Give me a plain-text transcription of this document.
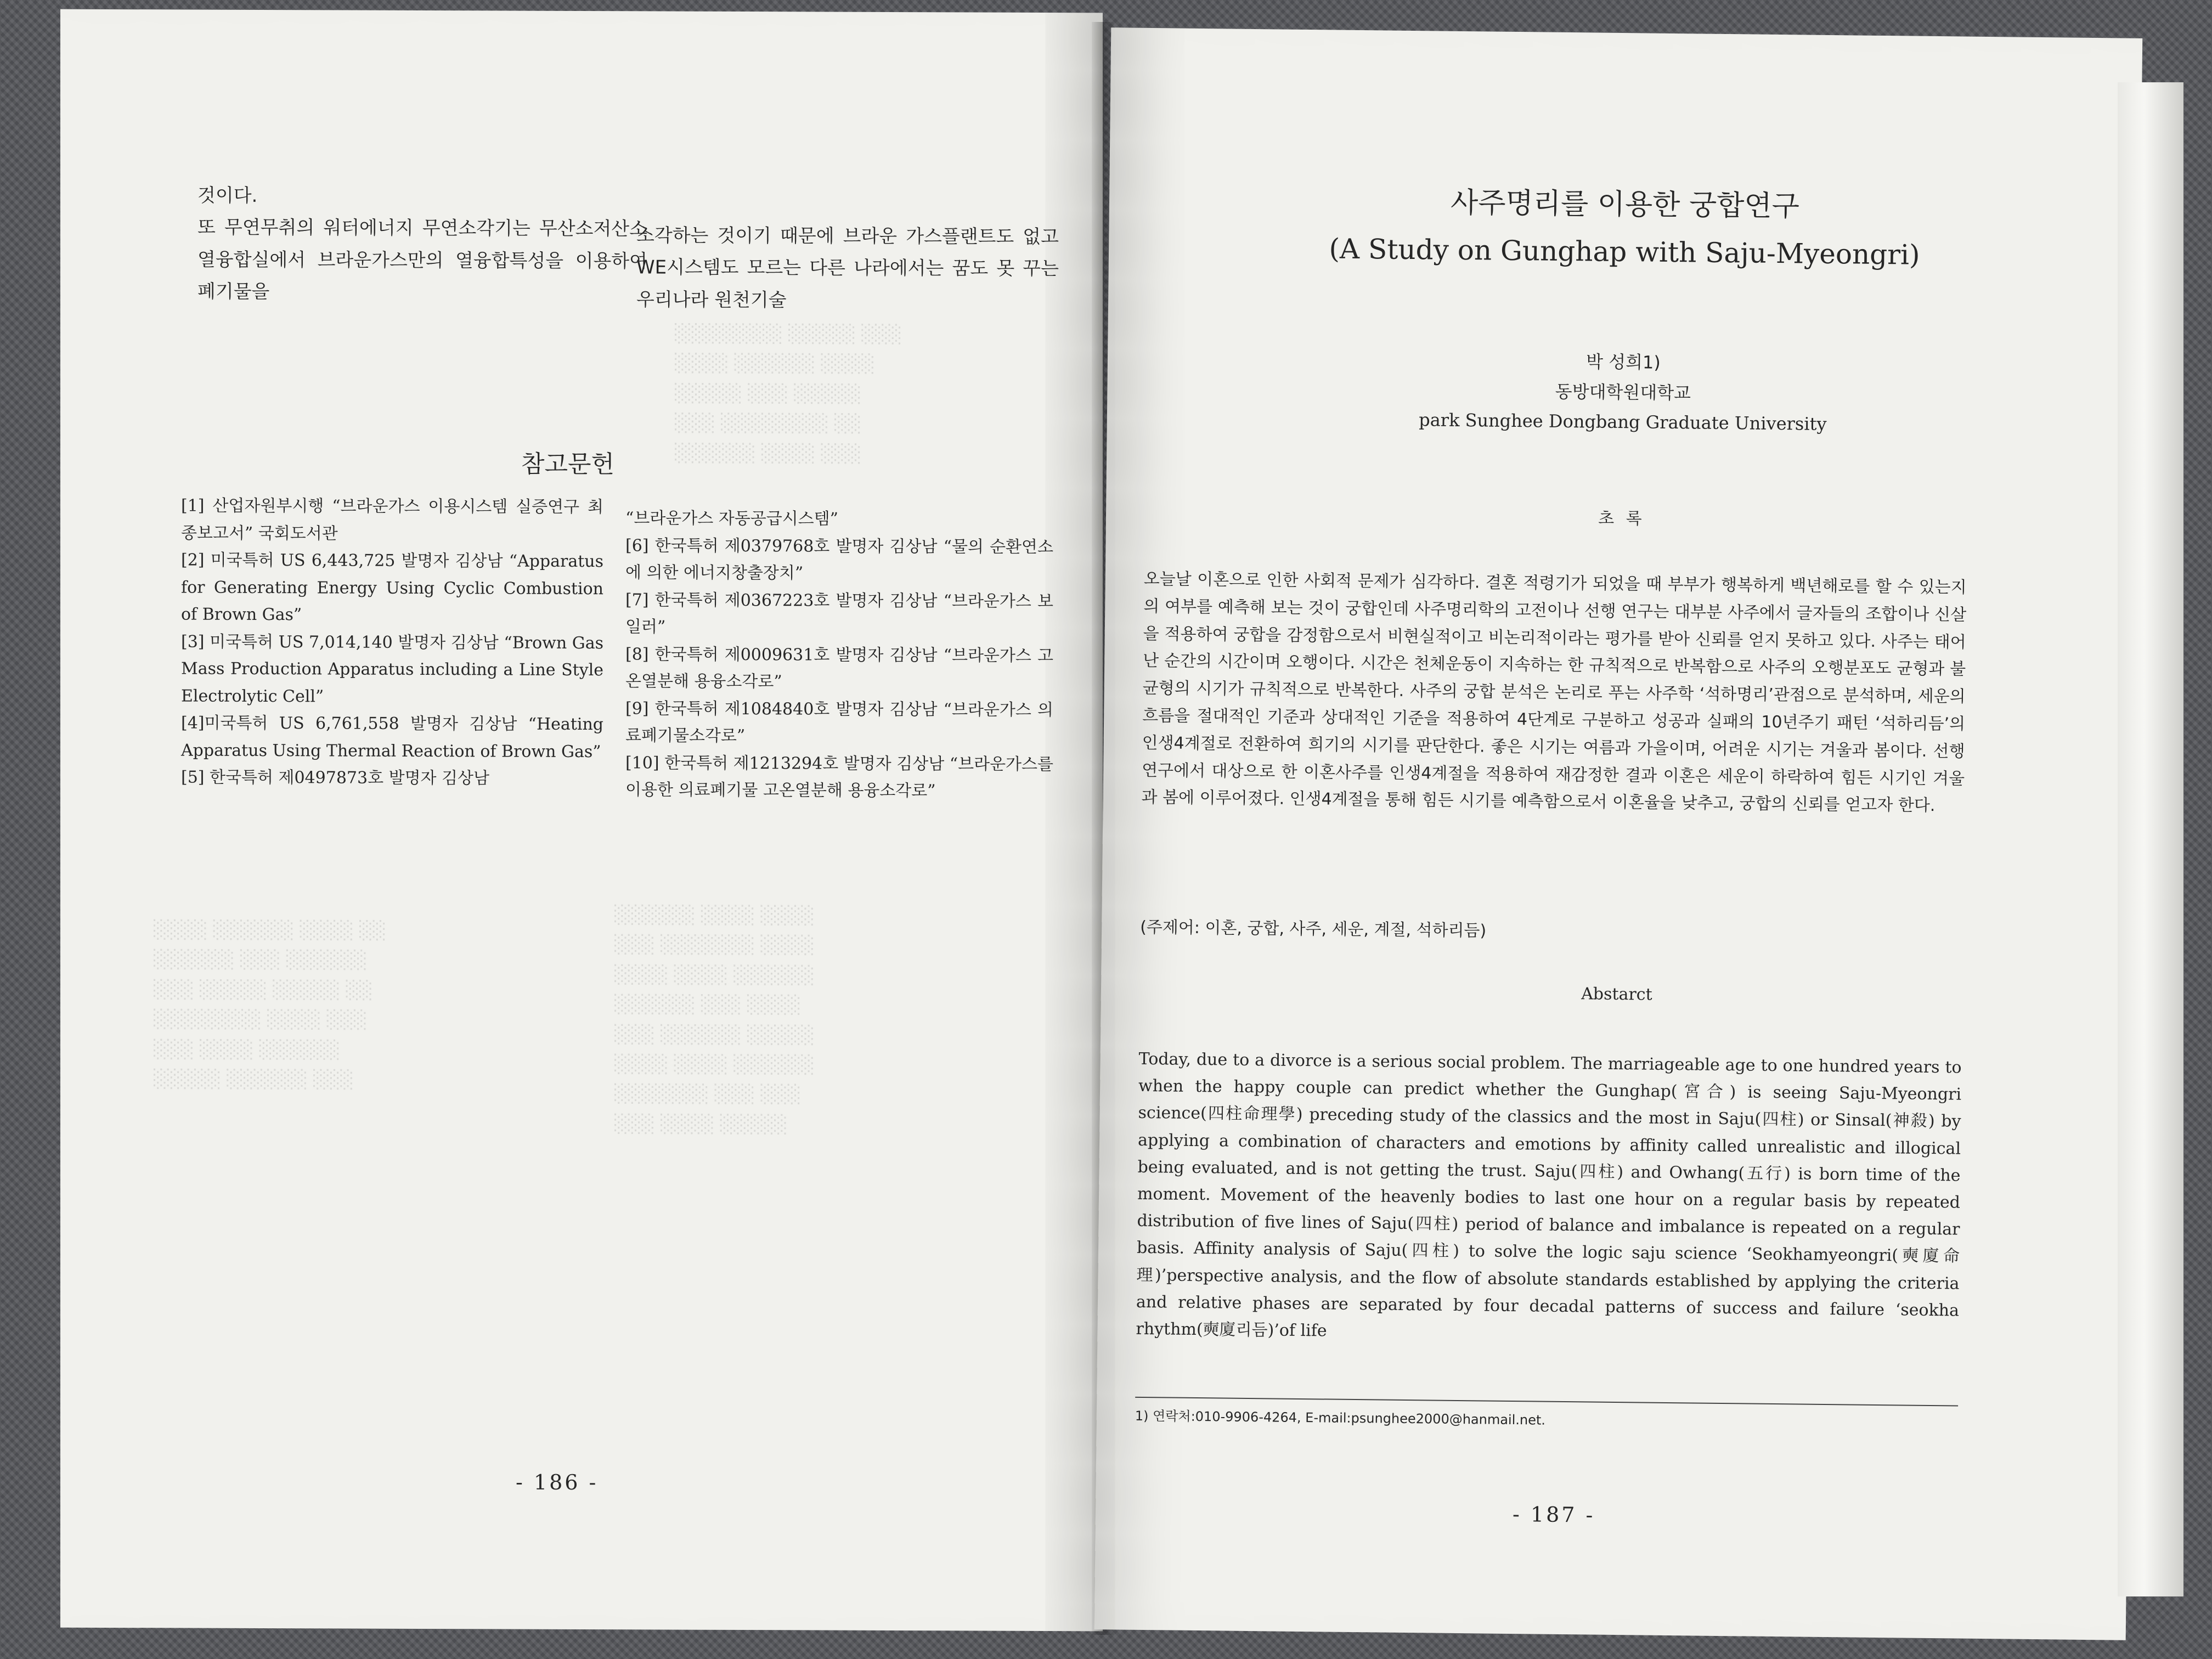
░░░░░░░░ ░░░░░ ░░░
░░░░ ░░░░░░ ░░░░
░░░░░ ░░░ ░░░░░
░░░ ░░░░░░░░ ░░
░░░░░░ ░░░░ ░░░
░░░░ ░░░░░░ ░░░░ ░░
░░░░░░ ░░░ ░░░░░░
░░░ ░░░░░ ░░░░░ ░░
░░░░░░░░ ░░░░ ░░░
░░░ ░░░░ ░░░░░░
░░░░░ ░░░░░░ ░░░
░░░░░░ ░░░░ ░░░░
░░░ ░░░░░░░ ░░░░
░░░░ ░░░░ ░░░░░░
░░░░░░ ░░░ ░░░░
░░░ ░░░░░░ ░░░░░
░░░░ ░░░░ ░░░░░░
░░░░░░░ ░░░ ░░░
░░░ ░░░░ ░░░░░

것이다.
또 무연무취의 워터에너지 무연소각기는 무산소저산소 열융합실에서 브라운가스만의 열융합특성을 이용하여 폐기물을

소각하는 것이기 때문에 브라운 가스플랜트도 없고 WE시스템도 모르는 다른 나라에서는 꿈도 못 꾸는 우리나라 원천기술

참고문헌

[1] 산업자원부시행 “브라운가스 이용시스템 실증연구 최종보고서” 국회도서관

[2] 미국특허 US 6,443,725 발명자 김상남 “Apparatus for Generating Energy Using Cyclic Combustion of Brown Gas”

[3] 미국특허 US 7,014,140 발명자 김상남 “Brown Gas Mass Production Apparatus including a Line Style Electrolytic Cell”

[4]미국특허 US 6,761,558 발명자 김상남 “Heating Apparatus Using Thermal Reaction of Brown Gas”

[5] 한국특허 제0497873호 발명자 김상남

“브라운가스 자동공급시스템”

[6] 한국특허 제0379768호 발명자 김상남 “물의 순환연소에 의한 에너지창출장치”

[7] 한국특허 제0367223호 발명자 김상남 “브라운가스 보일러”

[8] 한국특허 제0009631호 발명자 김상남 “브라운가스 고온열분해 용융소각로”

[9] 한국특허 제1084840호 발명자 김상남 “브라운가스 의료폐기물소각로”

[10] 한국특허 제1213294호 발명자 김상남 “브라운가스를 이용한 의료폐기물 고온열분해 용융소각로”

- 186 -
사주명리를 이용한 궁합연구
(A Study on Gunghap with Saju-Myeongri)
박 성희1)
동방대학원대학교
park Sunghee Dongbang Graduate University
초 록

오늘날 이혼으로 인한 사회적 문제가 심각하다. 결혼 적령기가 되었을 때 부부가 행복하게 백년해로를 할 수 있는지의 여부를 예측해 보는 것이 궁합인데 사주명리학의 고전이나 선행 연구는 대부분 사주에서 글자들의 조합이나 신살을 적용하여 궁합을 감정함으로서 비현실적이고 비논리적이라는 평가를 받아 신뢰를 얻지 못하고 있다. 사주는 태어난 순간의 시간이며 오행이다. 시간은 천체운동이 지속하는 한 규칙적으로 반복함으로 사주의 오행분포도 균형과 불균형의 시기가 규칙적으로 반복한다. 사주의 궁합 분석은 논리로 푸는 사주학 ‘석하명리’관점으로 분석하며, 세운의 흐름을 절대적인 기준과 상대적인 기준을 적용하여 4단계로 구분하고 성공과 실패의 10년주기 패턴 ‘석하리듬’의 인생4계절로 전환하여 희기의 시기를 판단한다. 좋은 시기는 여름과 가을이며, 어려운 시기는 겨울과 봄이다. 선행 연구에서 대상으로 한 이혼사주를 인생4계절을 적용하여 재감정한 결과 이혼은 세운이 하락하여 힘든 시기인 겨울과 봄에 이루어졌다. 인생4계절을 통해 힘든 시기를 예측함으로서 이혼율을 낮추고, 궁합의 신뢰를 얻고자 한다.

(주제어: 이혼, 궁합, 사주, 세운, 계절, 석하리듬)

Abstarct

Today, due to a divorce is a serious social problem. The marriageable age to one hundred years to when the happy couple can predict whether the Gunghap(宮合) is seeing Saju-Myeongri science(四柱命理學) preceding study of the classics and the most in Saju(四柱) or Sinsal(神殺) by applying a combination of characters and emotions by affinity called unrealistic and illogical being evaluated, and is not getting the trust. Saju(四柱) and Owhang(五行) is born time of the moment. Movement of the heavenly bodies to last one hour on a regular basis by repeated distribution of five lines of Saju(四柱) period of balance and imbalance is repeated on a regular basis. Affinity analysis of Saju(四柱) to solve the logic saju science ‘Seokhamyeongri(奭廈命理)’perspective analysis, and the flow of absolute standards established by applying the criteria and relative phases are separated by four decadal patterns of success and failure ‘seokha rhythm(奭廈리듬)’of life

1) 연락처:010-9906-4264, E-mail:psunghee2000@hanmail.net.
- 187 -
